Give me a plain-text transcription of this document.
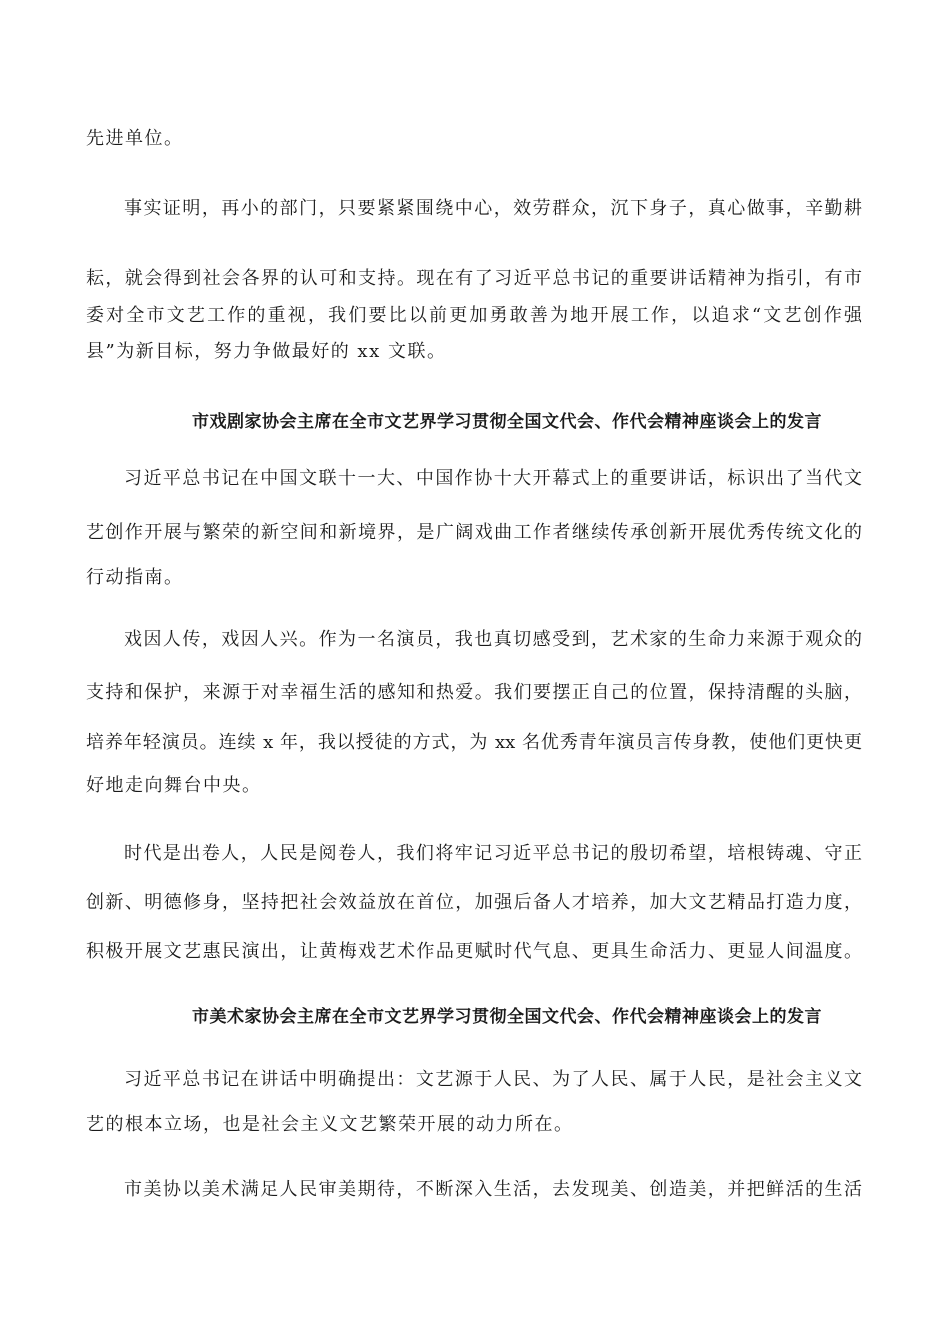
先进单位。
事实证明，再小的部门，只要紧紧围绕中心，效劳群众，沉下身子，真心做事，辛勤耕
耘，就会得到社会各界的认可和支持。现在有了习近平总书记的重要讲话精神为指引，有市
委对全市文艺工作的重视，我们要比以前更加勇敢善为地开展工作，以追求“文艺创作强
县”为新目标，努力争做最好的 xx 文联。
市戏剧家协会主席在全市文艺界学习贯彻全国文代会、作代会精神座谈会上的发言
习近平总书记在中国文联十一大、中国作协十大开幕式上的重要讲话，标识出了当代文
艺创作开展与繁荣的新空间和新境界，是广阔戏曲工作者继续传承创新开展优秀传统文化的
行动指南。
戏因人传，戏因人兴。作为一名演员，我也真切感受到，艺术家的生命力来源于观众的
支持和保护，来源于对幸福生活的感知和热爱。我们要摆正自己的位置，保持清醒的头脑，
培养年轻演员。连续 x 年，我以授徒的方式，为 xx 名优秀青年演员言传身教，使他们更快更
好地走向舞台中央。
时代是出卷人，人民是阅卷人，我们将牢记习近平总书记的殷切希望，培根铸魂、守正
创新、明德修身，坚持把社会效益放在首位，加强后备人才培养，加大文艺精品打造力度，
积极开展文艺惠民演出，让黄梅戏艺术作品更赋时代气息、更具生命活力、更显人间温度。
市美术家协会主席在全市文艺界学习贯彻全国文代会、作代会精神座谈会上的发言
习近平总书记在讲话中明确提出：文艺源于人民、为了人民、属于人民，是社会主义文
艺的根本立场，也是社会主义文艺繁荣开展的动力所在。
市美协以美术满足人民审美期待，不断深入生活，去发现美、创造美，并把鲜活的生活
